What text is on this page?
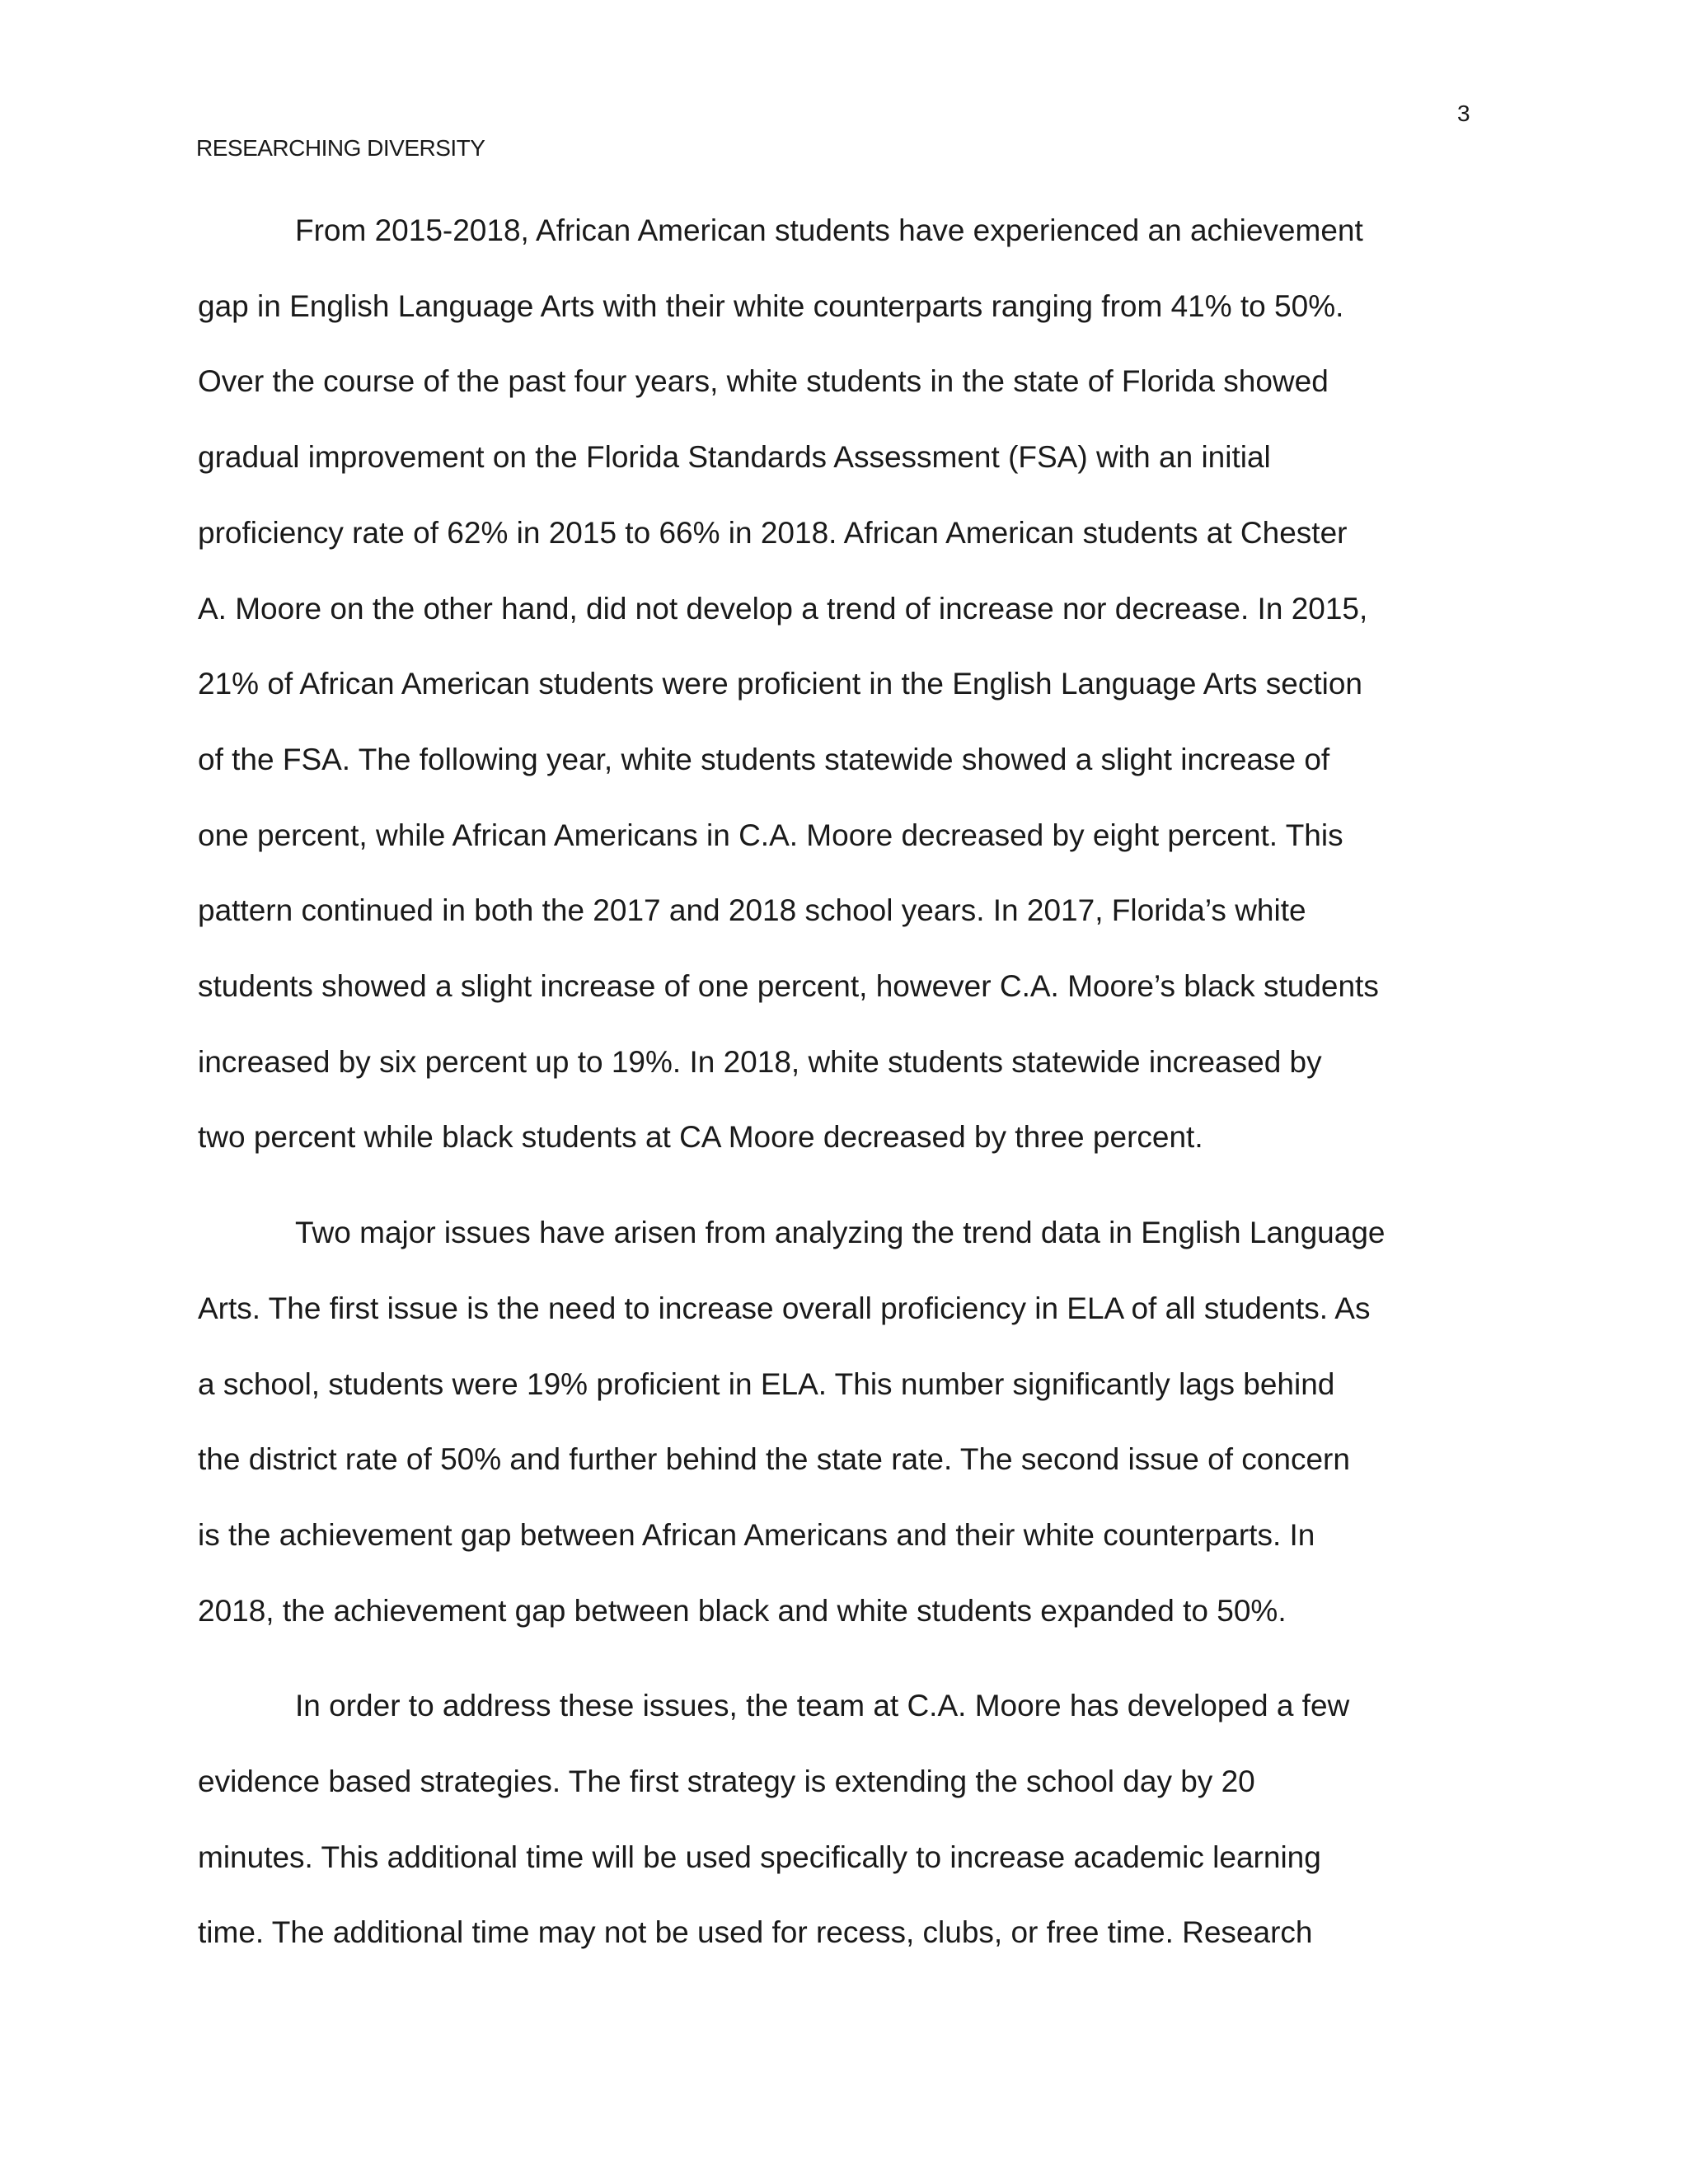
3
RESEARCHING DIVERSITY

From 2015-2018, African American students have experienced an achievement
gap in English Language Arts with their white counterparts ranging from 41% to 50%.
Over the course of the past four years, white students in the state of Florida showed
gradual improvement on the Florida Standards Assessment (FSA) with an initial
proficiency rate of 62% in 2015 to 66% in 2018. African American students at Chester
A. Moore on the other hand, did not develop a trend of increase nor decrease. In 2015,
21% of African American students were proficient in the English Language Arts section
of the FSA. The following year, white students statewide showed a slight increase of
one percent, while African Americans in C.A. Moore decreased by eight percent. This
pattern continued in both the 2017 and 2018 school years. In 2017, Florida’s white
students showed a slight increase of one percent, however C.A. Moore’s black students
increased by six percent up to 19%. In 2018, white students statewide increased by
two percent while black students at CA Moore decreased by three percent.

Two major issues have arisen from analyzing the trend data in English Language
Arts. The first issue is the need to increase overall proficiency in ELA of all students. As
a school, students were 19% proficient in ELA. This number significantly lags behind
the district rate of 50% and further behind the state rate. The second issue of concern
is the achievement gap between African Americans and their white counterparts. In
2018, the achievement gap between black and white students expanded to 50%.

In order to address these issues, the team at C.A. Moore has developed a few
evidence based strategies. The first strategy is extending the school day by 20
minutes. This additional time will be used specifically to increase academic learning
time. The additional time may not be used for recess, clubs, or free time. Research
